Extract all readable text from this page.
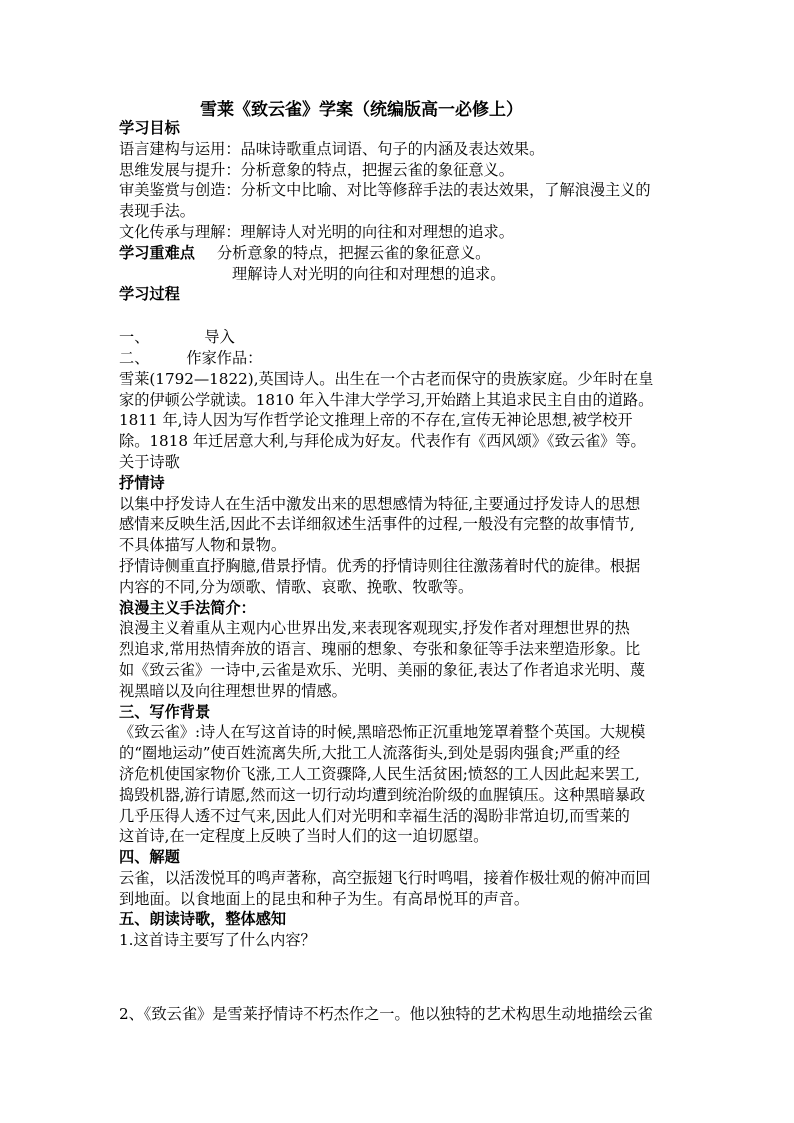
雪莱《致云雀》学案（统编版高一必修上）

学习目标

语言建构与运用：品味诗歌重点词语、句子的内涵及表达效果。

思维发展与提升：分析意象的特点，把握云雀的象征意义。

审美鉴赏与创造：分析文中比喻、对比等修辞手法的表达效果，了解浪漫主义的

表现手法。

文化传承与理解：理解诗人对光明的向往和对理想的追求。

学习重难点 分析意象的特点，把握云雀的象征意义。

理解诗人对光明的向往和对理想的追求。

学习过程

一、	导入

二、 作家作品：

雪莱(1792—1822),英国诗人。出生在一个古老而保守的贵族家庭。少年时在皇

家的伊顿公学就读。1810 年入牛津大学学习,开始踏上其追求民主自由的道路。

1811 年,诗人因为写作哲学论文推理上帝的不存在,宣传无神论思想,被学校开

除。1818 年迁居意大利,与拜伦成为好友。代表作有《西风颂》《致云雀》等。

关于诗歌

抒情诗

以集中抒发诗人在生活中激发出来的思想感情为特征,主要通过抒发诗人的思想

感情来反映生活,因此不去详细叙述生活事件的过程,一般没有完整的故事情节,

不具体描写人物和景物。

抒情诗侧重直抒胸臆,借景抒情。优秀的抒情诗则往往激荡着时代的旋律。根据

内容的不同,分为颂歌、情歌、哀歌、挽歌、牧歌等。

浪漫主义手法简介：

浪漫主义着重从主观内心世界出发,来表现客观现实,抒发作者对理想世界的热

烈追求,常用热情奔放的语言、瑰丽的想象、夸张和象征等手法来塑造形象。比

如《致云雀》一诗中,云雀是欢乐、光明、美丽的象征,表达了作者追求光明、蔑

视黑暗以及向往理想世界的情感。

三、写作背景

《致云雀》:诗人在写这首诗的时候,黑暗恐怖正沉重地笼罩着整个英国。大规模

的“圈地运动”使百姓流离失所,大批工人流落街头,到处是弱肉强食;严重的经

济危机使国家物价飞涨,工人工资骤降,人民生活贫困;愤怒的工人因此起来罢工,

捣毁机器,游行请愿,然而这一切行动均遭到统治阶级的血腥镇压。这种黑暗暴政

几乎压得人透不过气来,因此人们对光明和幸福生活的渴盼非常迫切,而雪莱的

这首诗,在一定程度上反映了当时人们的这一迫切愿望。

四、解题

云雀，以活泼悦耳的鸣声著称，高空振翅飞行时鸣唱，接着作极壮观的俯冲而回

到地面。以食地面上的昆虫和种子为生。有高昂悦耳的声音。

五、朗读诗歌，整体感知

1.这首诗主要写了什么内容？

2、《致云雀》是雪莱抒情诗不朽杰作之一。他以独特的艺术构思生动地描绘云雀
